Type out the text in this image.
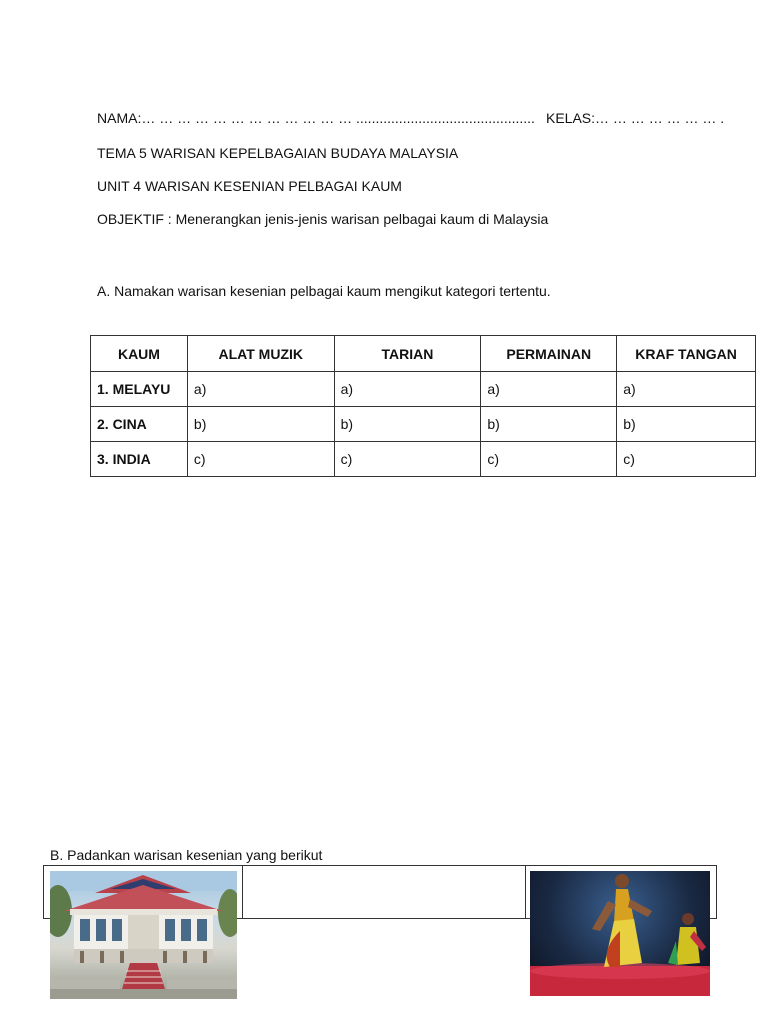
NAMA:… … … … … … … … … … … … .............................................. KELAS:… … … … … … … .
TEMA 5 WARISAN KEPELBAGAIAN BUDAYA MALAYSIA
UNIT 4 WARISAN KESENIAN PELBAGAI KAUM
OBJEKTIF : Menerangkan jenis-jenis warisan pelbagai kaum di Malaysia
A. Namakan warisan kesenian pelbagai kaum mengikut kategori tertentu.
KAUM	ALAT MUZIK	TARIAN	PERMAINAN	KRAF TANGAN
1. MELAYU	a)	a)	a)	a)
2. CINA	b)	b)	b)	b)
3. INDIA	c)	c)	c)	c)
B. Padankan warisan kesenian yang berikut
